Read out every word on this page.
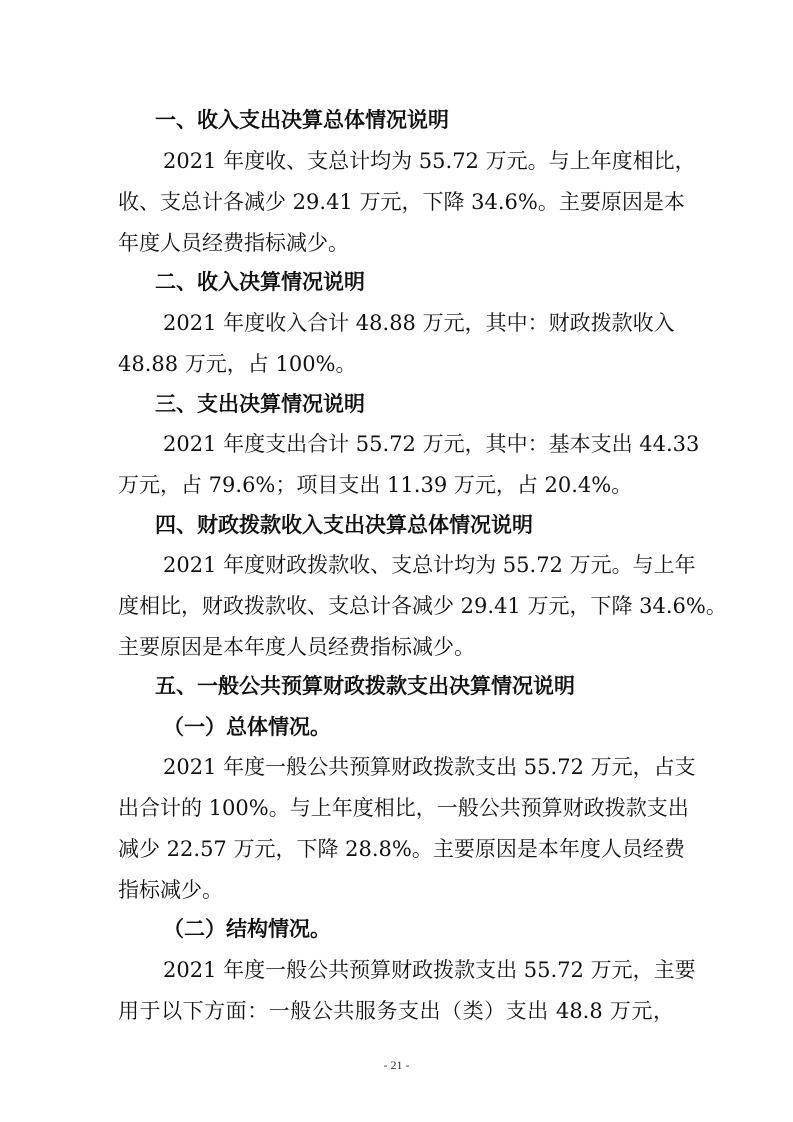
一、收入支出决算总体情况说明
2021 年度收、支总计均为 55.72 万元。与上年度相比，
收、支总计各减少 29.41 万元，下降 34.6%。主要原因是本
年度人员经费指标减少。
二、收入决算情况说明
2021 年度收入合计 48.88 万元，其中：财政拨款收入
48.88 万元，占 100%。
三、支出决算情况说明
2021 年度支出合计 55.72 万元，其中：基本支出 44.33
万元，占 79.6%；项目支出 11.39 万元，占 20.4%。
四、财政拨款收入支出决算总体情况说明
2021 年度财政拨款收、支总计均为 55.72 万元。与上年
度相比，财政拨款收、支总计各减少 29.41 万元，下降 34.6%。
主要原因是本年度人员经费指标减少。
五、一般公共预算财政拨款支出决算情况说明
（一）总体情况。
2021 年度一般公共预算财政拨款支出 55.72 万元，占支
出合计的 100%。与上年度相比，一般公共预算财政拨款支出
减少 22.57 万元，下降 28.8%。主要原因是本年度人员经费
指标减少。
（二）结构情况。
2021 年度一般公共预算财政拨款支出 55.72 万元，主要
用于以下方面：一般公共服务支出（类）支出 48.8 万元，
- 21 -
